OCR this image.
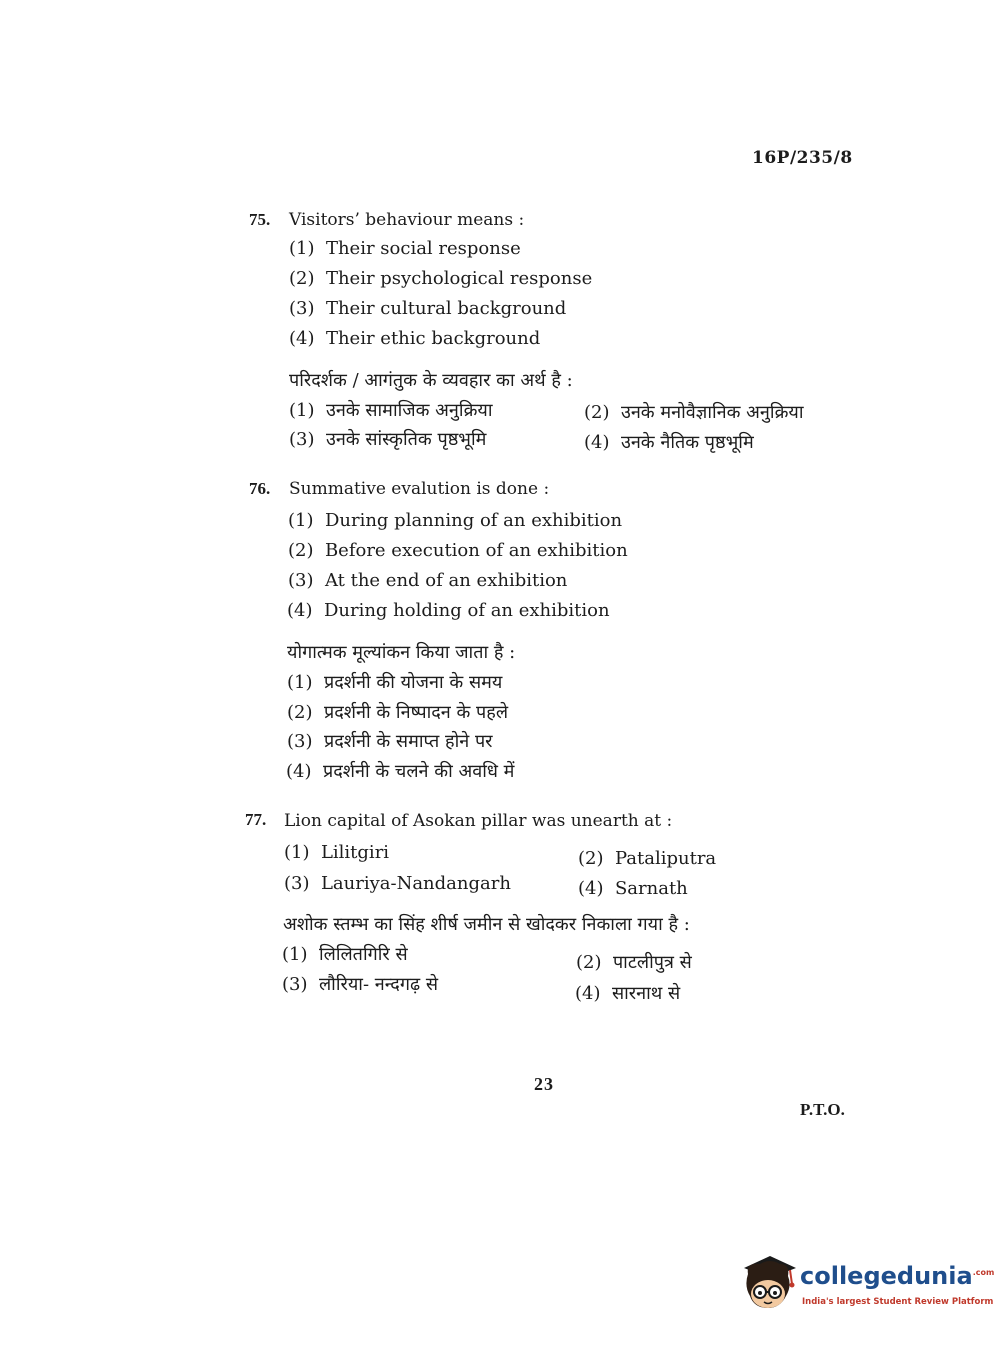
16P/235/8
75. Visitors’ behaviour means :
(1) Their social response
(2) Their psychological response
(3) Their cultural background
(4) Their ethic background
परिदर्शक / आगंतुक के व्यवहार का अर्थ है :
(1) उनके सामाजिक अनुक्रिया	(2) उनके मनोवैज्ञानिक अनुक्रिया
(3) उनके सांस्कृतिक पृष्ठभूमि	(4) उनके नैतिक पृष्ठभूमि
76. Summative evalution is done :
(1) During planning of an exhibition
(2) Before execution of an exhibition
(3) At the end of an exhibition
(4) During holding of an exhibition
योगात्मक मूल्यांकन किया जाता है :
(1) प्रदर्शनी की योजना के समय
(2) प्रदर्शनी के निष्पादन के पहले
(3) प्रदर्शनी के समाप्त होने पर
(4) प्रदर्शनी के चलने की अवधि में
77. Lion capital of Asokan pillar was unearth at :
(1) Lilitgiri	(2) Pataliputra
(3) Lauriya-Nandangarh	(4) Sarnath
अशोक स्तम्भ का सिंह शीर्ष जमीन से खोदकर निकाला गया है :
(1) लिलितगिरि से	(2) पाटलीपुत्र से
(3) लौरिया- नन्दगढ़ से	(4) सारनाथ से
23
P.T.O.
collegedunia$^{.com}$
India's largest Student Review Platform
